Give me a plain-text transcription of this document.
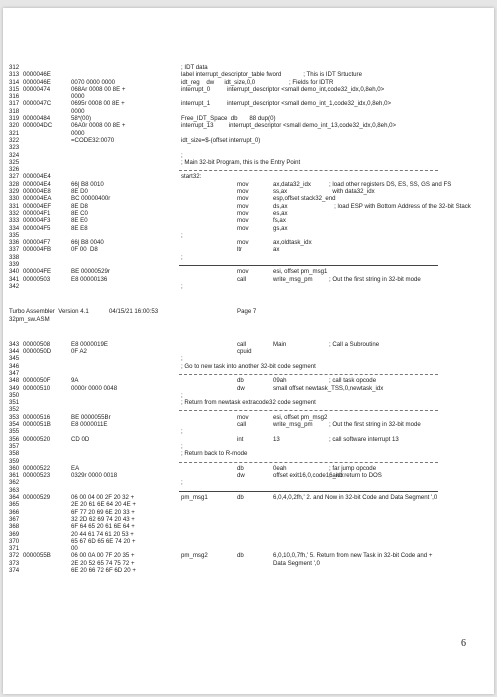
312	; IDT data
313 0000046E	label interrupt_descriptor_table fword             ; This is IDT Srtucture
314 0000046E	0070 0000 0000	idt_reg    dw      idt_size,0,0                    ; Fields for IDTR
315 00000474	068Ar 0008 00 8E +	interrupt_0          interrupt_descriptor <small demo_int,code32_idx,0,8eh,0>
316	0000
317 0000047C	0695r 0008 00 8E +	interrupt_1          interrupt_descriptor <small demo_int_1,code32_idx,0,8eh,0>
318	0000
319 00000484	58*(00)	Free_IDT_Space  db       88 dup(0)
320 000004DC	06A0r 0008 00 8E +	interrupt_13         interrupt_descriptor <small demo_int_13,code32_idx,0,8eh,0>
321	0000
322	=CODE32:0070	idt_size=$-(offset interrupt_0)
323
324	;
325	; Main 32-bit Program, this is the Entry Point
326
327 000004E4	start32:
328 000004E4	66| B8 0010	mov	ax,data32_idx	; load other registers DS, ES, SS, GS and FS
329 000004E8	8E D0	mov	ss,ax	with data32_idx
330 000004EA	BC 00000400r	mov	esp,offset stack32_end
331 000004EF	8E D8	mov	ds,ax	; load ESP with Bottom Address of the 32-bit Stack
332 000004F1	8E C0	mov	es,ax
333 000004F3	8E E0	mov	fs,ax
334 000004F5	8E E8	mov	gs,ax
335	;
336 000004F7	66| B8 0040	mov	ax,oldtask_idx
337 000004FB	0F 00  D8	ltr	ax
338	;
339
340 000004FE	BE 00000529r	mov	esi, offset pm_msg1
341 00000503	E8 00000136	call	write_msg_pm	; Out the first string in 32-bit mode
342	;
Turbo Assembler  Version 4.1	04/15/21 16:00:53	Page 7
32pm_sw.ASM
343 00000508	E8 0000019E	call	Main	; Call a Subroutine
344 0000050D	0F A2	cpuid
345	;
346	; Go to new task into another 32-bit code segment
347
348 0000050F	9A	db	09ah	; call task opcode
349 00000510	0000r 0000 0048	dw	small offset newtask_TSS,0,newtask_idx
350	;
351	; Return from newtask extracode32 code segment
352
353 00000516	BE 0000055Br	mov	esi, offset pm_msg2
354 0000051B	E8 0000011E	call	write_msg_pm	; Out the first string in 32-bit mode
355	;
356 00000520	CD 0D	int	13	; call software interrupt 13
357	;
358	; Return back to R-mode
359
360 00000522	EA	db	0eah	; far jump opcode
361 00000523	0329r 0000 0018	dw	offset exit16,0,code16_idx
; and return to DOS
362	;
363
364 00000529	06 00 04 00 2F 20 32 +	pm_msg1	db	6,0,4,0,2fh,' 2. and Now in 32-bit Code and Data Segment ',0
365	2E 20 61 6E 64 20 4E +
366	6F 77 20 69 6E 20 33 +
367	32 2D 62 69 74 20 43 +
368	6F 64 65 20 61 6E 64 +
369	20 44 61 74 61 20 53 +
370	65 67 6D 65 6E 74 20 +
371	00
372 0000055B	06 00 0A 00 7F 20 35 +	pm_msg2	db	6,0,10,0,7fh,' 5. Return from new Task in 32-bit Code and +
373	2E 20 52 65 74 75 72 +	Data Segment ',0
374	6E 20 66 72 6F 6D 20 +
6
